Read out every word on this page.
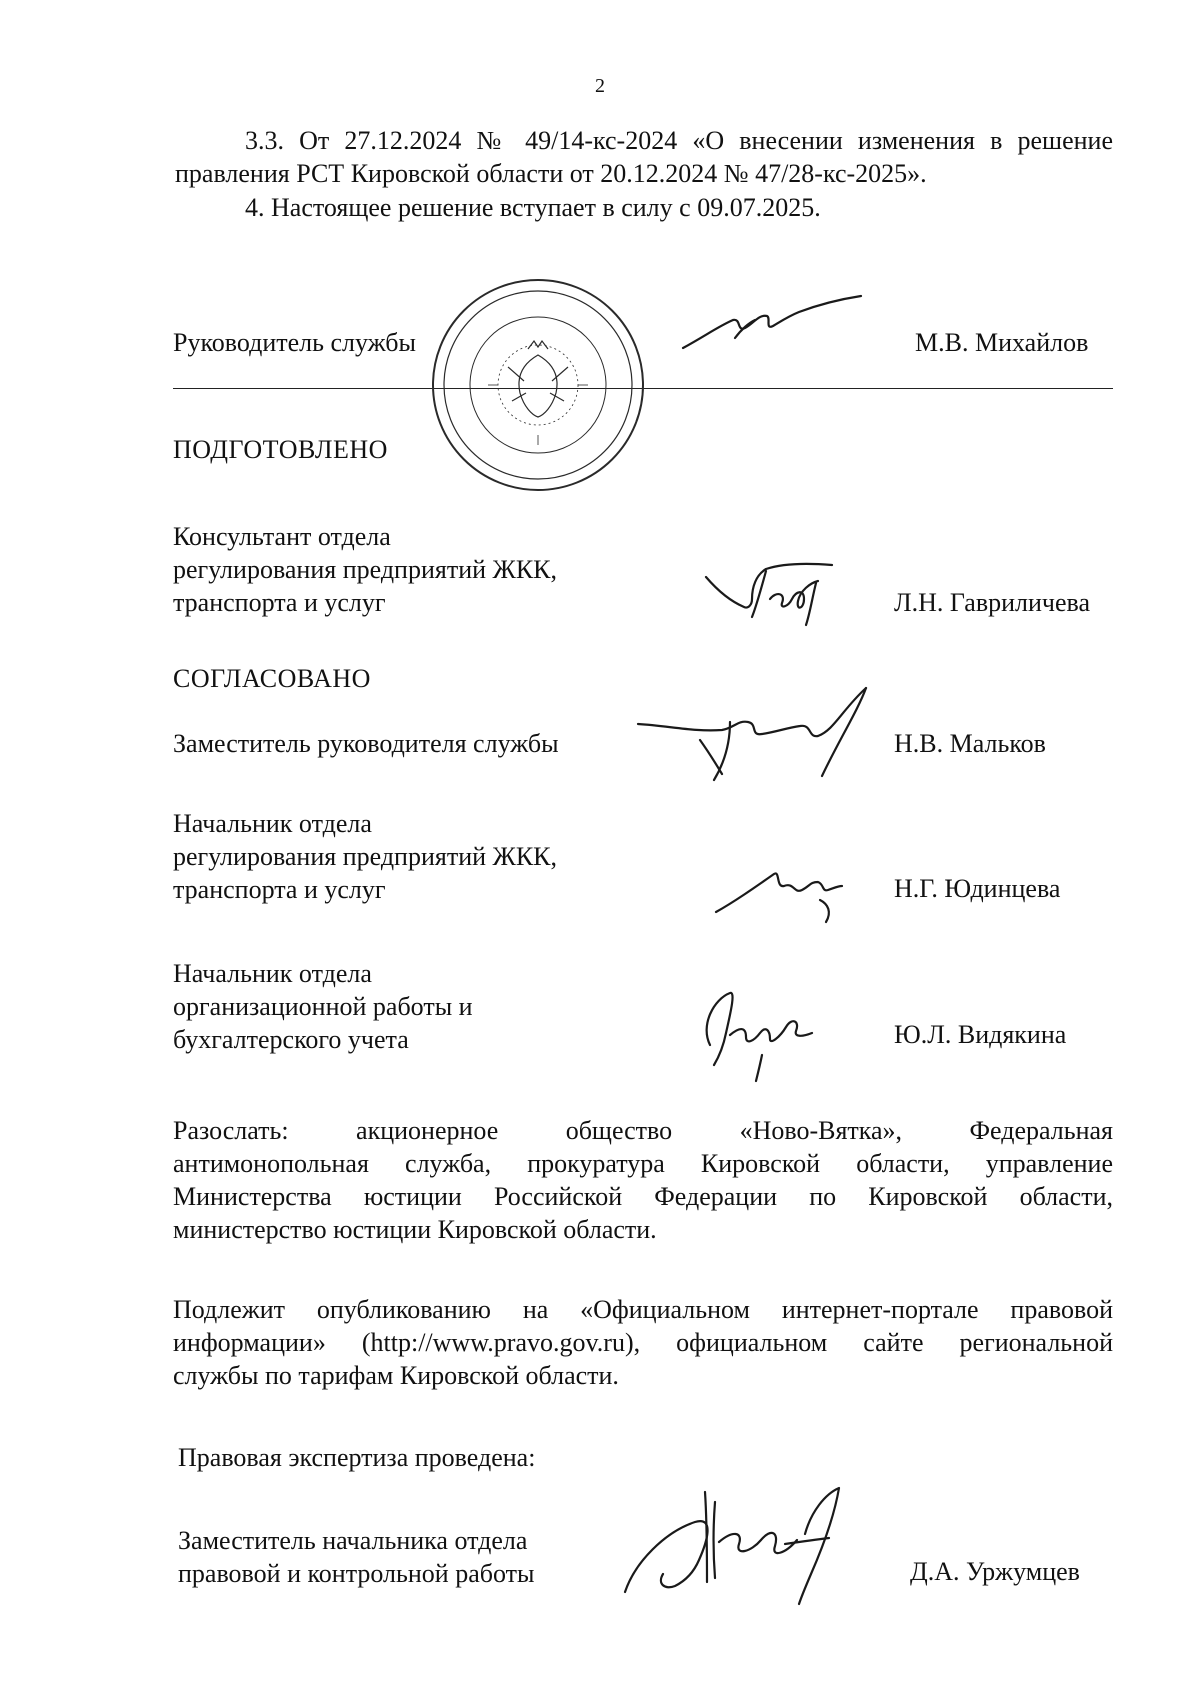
2
3.3. От 27.12.2024 № 49/14-кс-2024 «О внесении изменения в решение
правления РСТ Кировской области от 20.12.2024 № 47/28-кс-2025».
4. Настоящее решение вступает в силу с 09.07.2025.
Руководитель службы	М.В. Михайлов
ПОДГОТОВЛЕНО
Консультант отдела
регулирования предприятий ЖКК,
транспорта и услуг	Л.Н. Гавриличева
СОГЛАСОВАНО
Заместитель руководителя службы	Н.В. Мальков
Начальник отдела
регулирования предприятий ЖКК,
транспорта и услуг	Н.Г. Юдинцева
Начальник отдела
организационной работы и
бухгалтерского учета	Ю.Л. Видякина
Разослать: акционерное общество «Ново-Вятка», Федеральная
антимонопольная служба, прокуратура Кировской области, управление
Министерства юстиции Российской Федерации по Кировской области,
министерство юстиции Кировской области.
Подлежит опубликованию на «Официальном интернет-портале правовой
информации» (http://www.pravo.gov.ru), официальном сайте региональной
службы по тарифам Кировской области.
Правовая экспертиза проведена:
Заместитель начальника отдела
правовой и контрольной работы	Д.А. Уржумцев
